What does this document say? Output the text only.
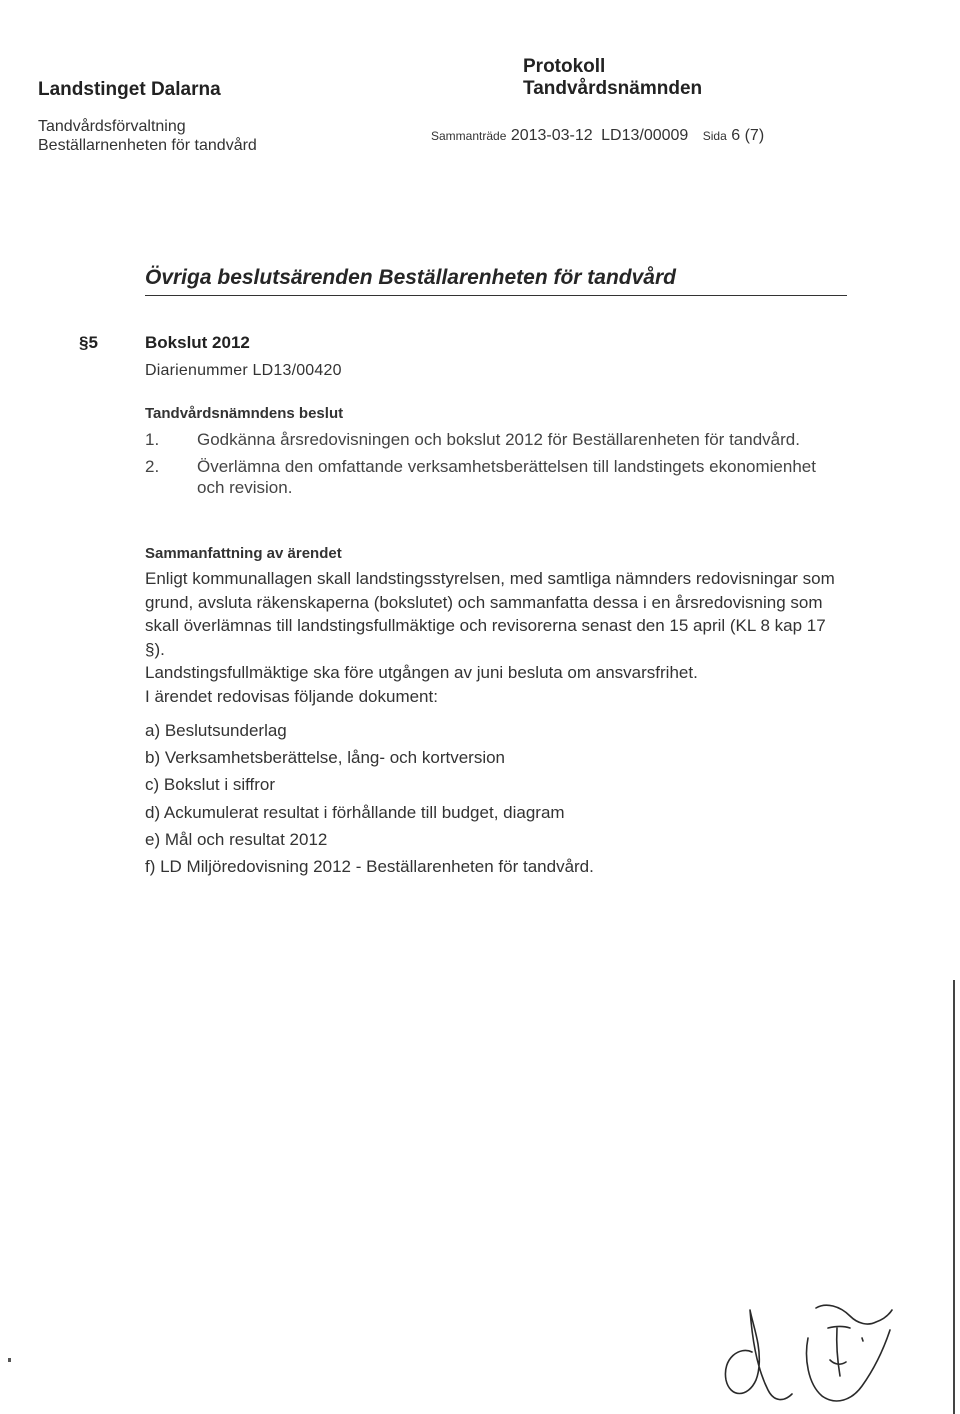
Landstinget Dalarna
Tandvårdsförvaltning
Beställarnenheten för tandvård
Protokoll
Tandvårdsnämnden
Sammanträde 2013-03-12 LD13/00009 Sida 6 (7)
Övriga beslutsärenden Beställarenheten för tandvård
§5	Bokslut 2012
Diarienummer LD13/00420
Tandvårdsnämndens beslut
1.	Godkänna årsredovisningen och bokslut 2012 för Beställarenheten för tandvård.
2.	Överlämna den omfattande verksamhetsberättelsen till landstingets ekonomienhet och revision.
Sammanfattning av ärendet
Enligt kommunallagen skall landstingsstyrelsen, med samtliga nämnders redovisningar som grund, avsluta räkenskaperna (bokslutet) och sammanfatta dessa i en årsredovisning som skall överlämnas till landstingsfullmäktige och revisorerna senast den 15 april (KL 8 kap 17 §).
Landstingsfullmäktige ska före utgången av juni besluta om ansvarsfrihet.
I ärendet redovisas följande dokument:
a) Beslutsunderlag
b) Verksamhetsberättelse, lång- och kortversion
c) Bokslut i siffror
d) Ackumulerat resultat i förhållande till budget, diagram
e) Mål och resultat 2012
f) LD Miljöredovisning 2012 - Beställarenheten för tandvård.
